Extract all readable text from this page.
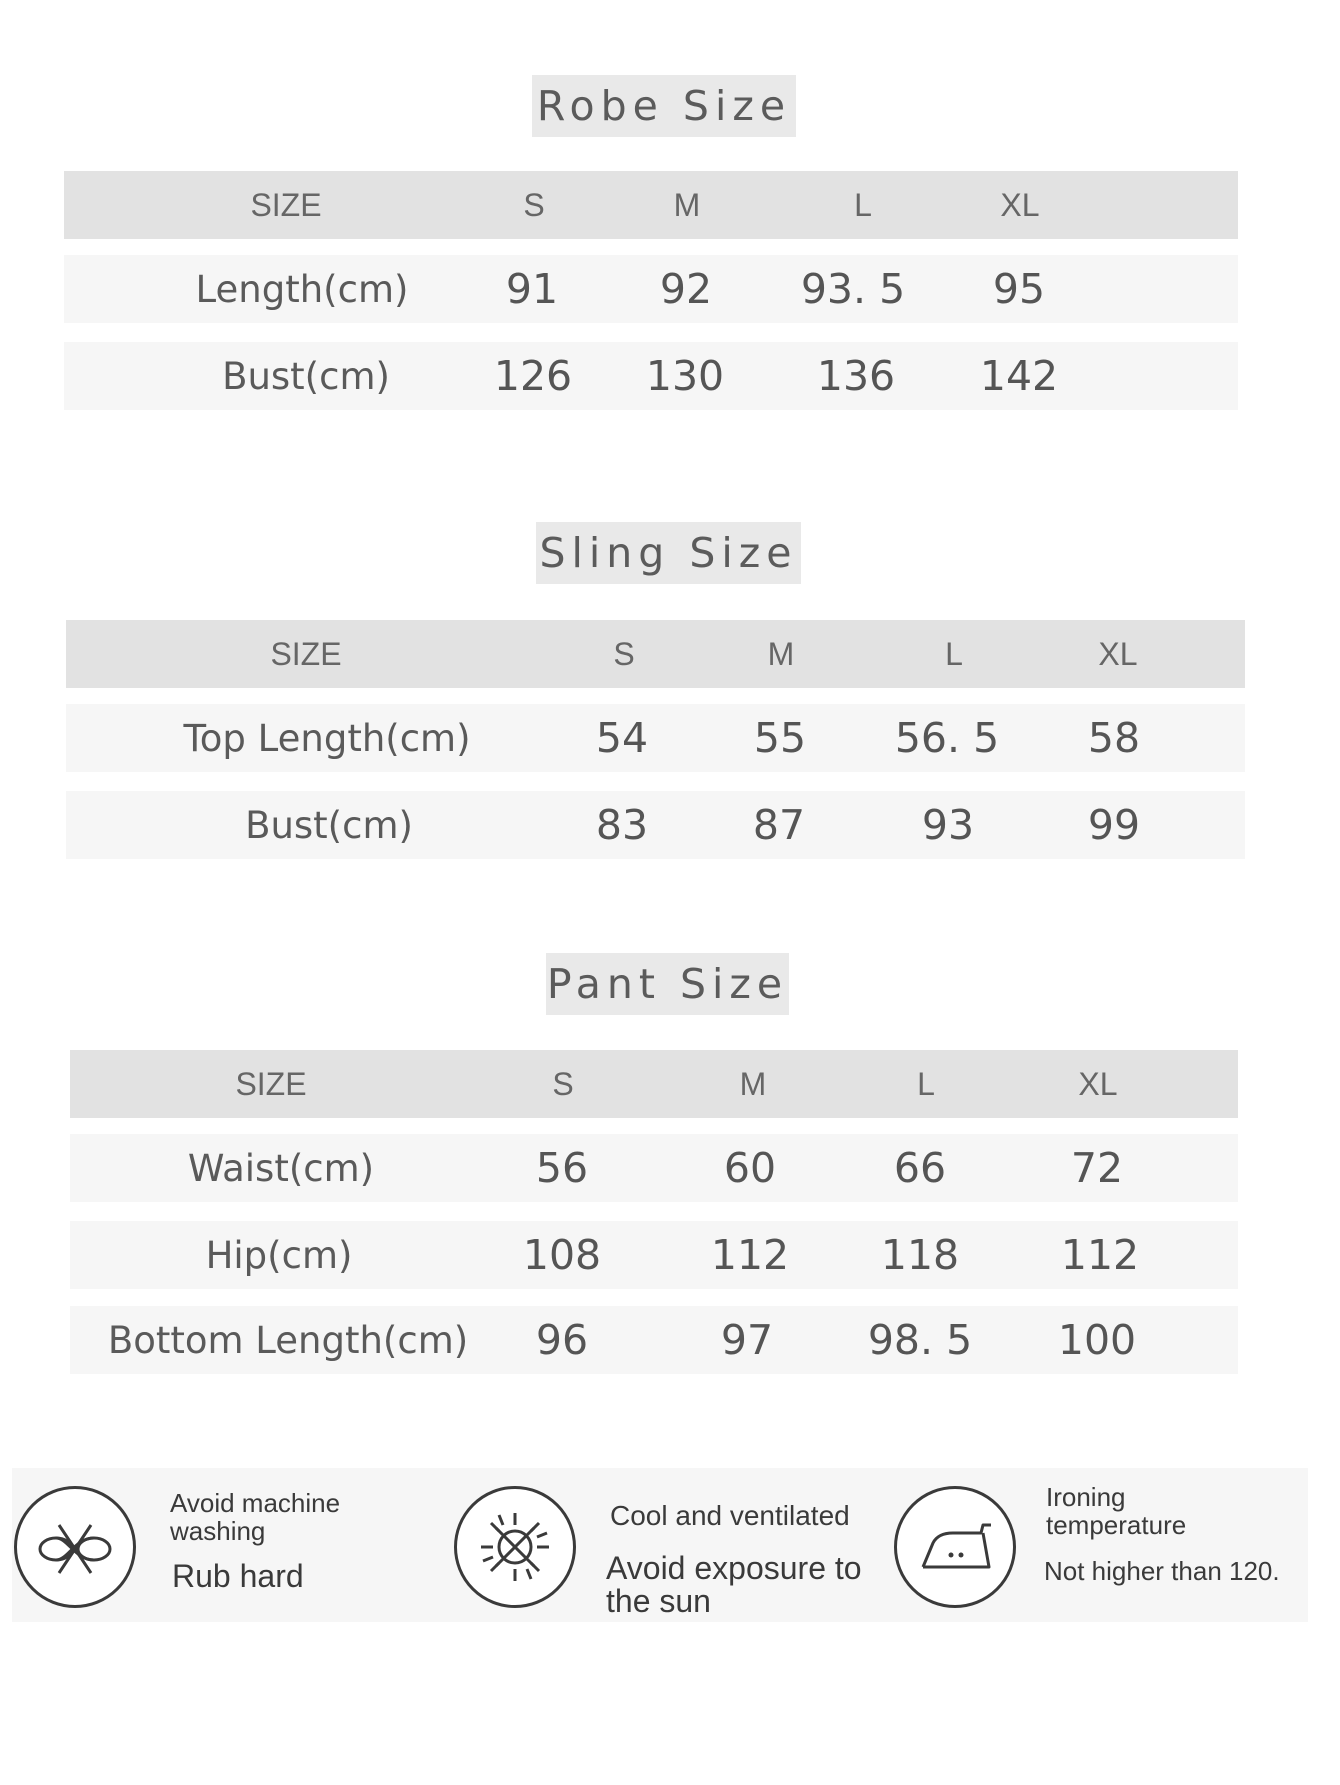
Robe Size
SIZE	S	M	L	XL
Length(cm) 91 92 93. 5 95
Bust(cm)	126 130 136 142
Sling Size
SIZE	S	M	L	XL
Top Length(cm)	54	55 56. 5 58
Bust(cm)	83	87	93	99
Pant Size
SIZE	S	M	L	XL
Waist(cm)	56	60	66	72
Hip(cm)	108	112 118 112
Bottom Length(cm) 96	97 98. 5 100
Avoid machine
washing
Rub hard
Cool and ventilated
Avoid exposure to
the sun
Ironing
temperature
Not higher than 120.
